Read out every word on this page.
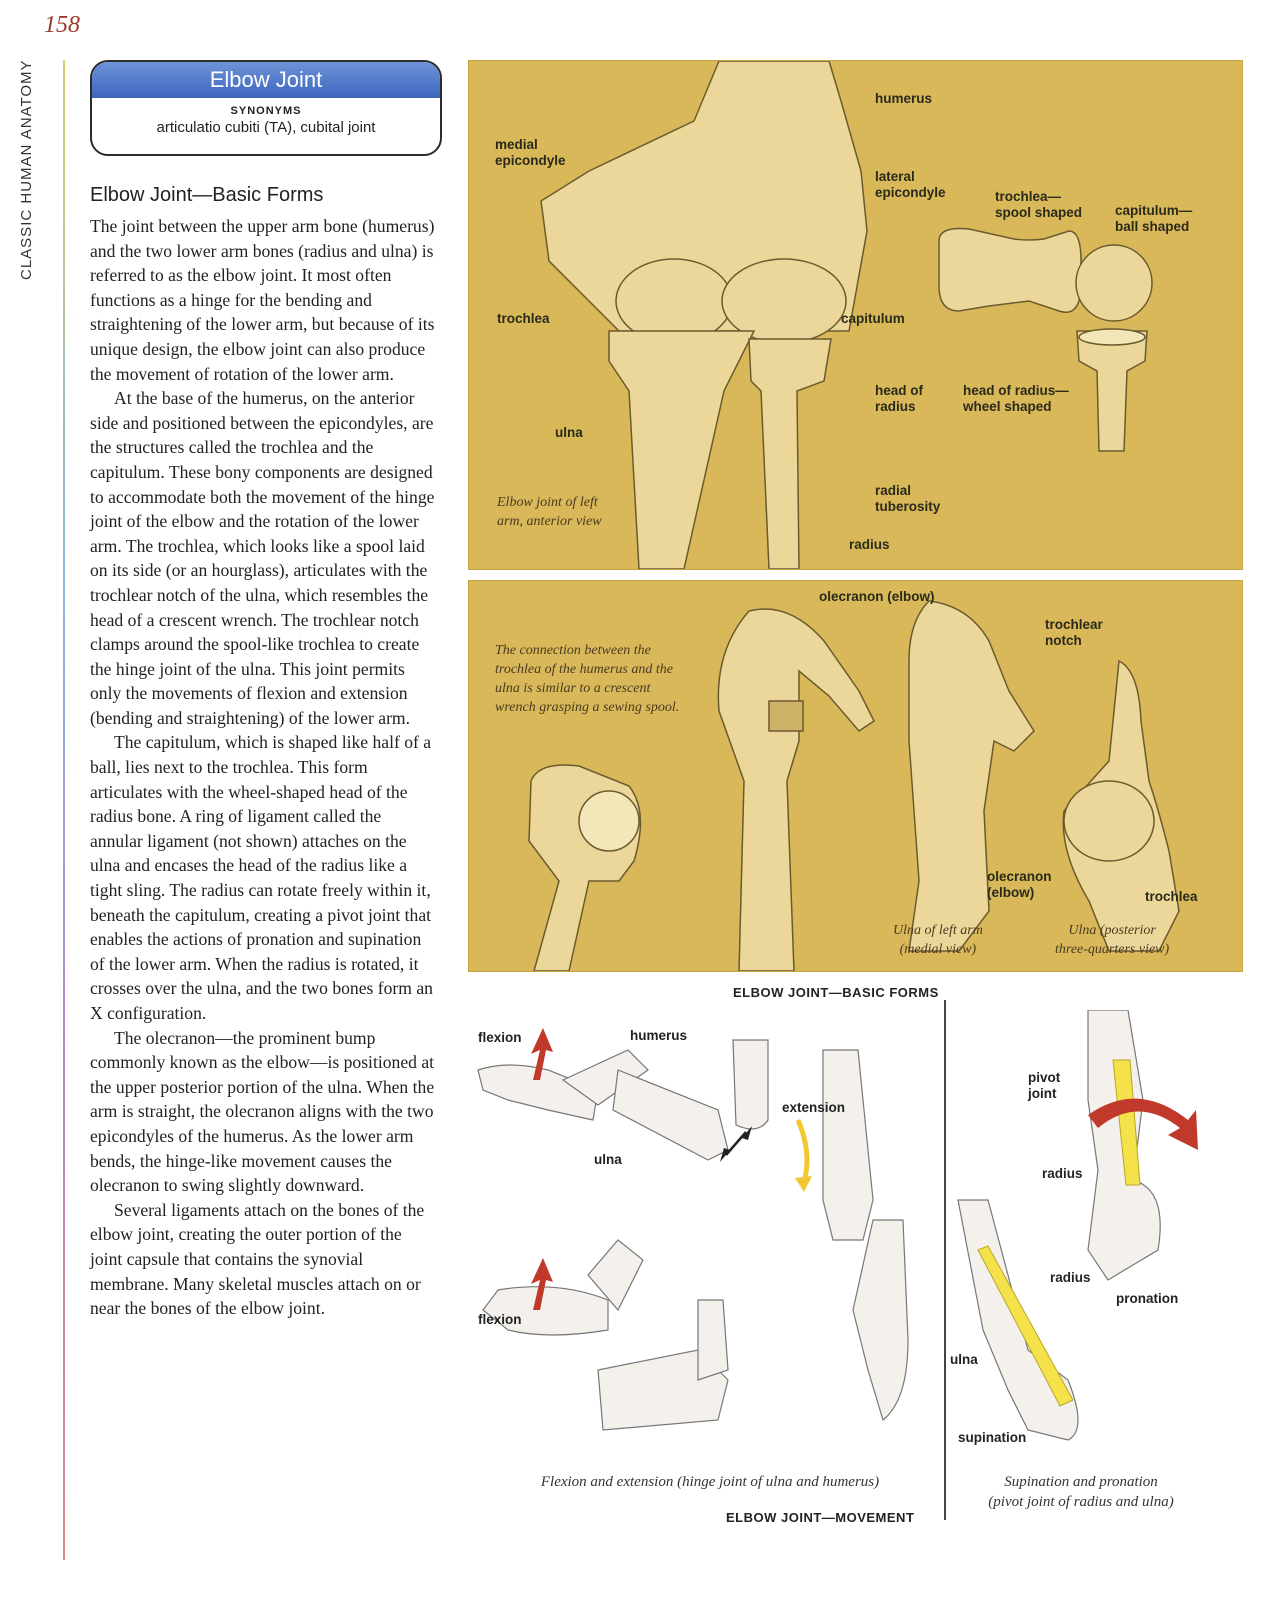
158
CLASSIC HUMAN ANATOMY	Elbow Joint
SYNONYMS
articulatio cubiti (TA), cubital joint
Elbow Joint—Basic Forms

The joint between the upper arm bone (humerus) and the two lower arm bones (radius and ulna) is referred to as the elbow joint. It most often functions as a hinge for the bending and straightening of the lower arm, but because of its unique design, the elbow joint can also produce the movement of rotation of the lower arm.

At the base of the humerus, on the anterior side and positioned between the epicondyles, are the structures called the trochlea and the capitulum. These bony components are designed to accommodate both the movement of the hinge joint of the elbow and the rotation of the lower arm. The trochlea, which looks like a spool laid on its side (or an hourglass), articulates with the trochlear notch of the ulna, which resembles the head of a crescent wrench. The trochlear notch clamps around the spool-like trochlea to create the hinge joint of the ulna. This joint permits only the movements of flexion and extension (bending and straightening) of the lower arm.

The capitulum, which is shaped like half of a ball, lies next to the trochlea. This form articulates with the wheel-shaped head of the radius bone. A ring of ligament called the annular ligament (not shown) attaches on the ulna and encases the head of the radius like a tight sling. The radius can rotate freely within it, beneath the capitulum, creating a pivot joint that enables the actions of pronation and supination of the lower arm. When the radius is rotated, it crosses over the ulna, and the two bones form an X configuration.

The olecranon—the prominent bump commonly known as the elbow—is positioned at the upper posterior portion of the ulna. When the arm is straight, the olecranon aligns with the two epicondyles of the humerus. As the lower arm bends, the hinge-like movement causes the olecranon to swing slightly downward.

Several ligaments attach on the bones of the elbow joint, creating the outer portion of the joint capsule that contains the synovial membrane. Many skeletal muscles attach on or near the bones of the elbow joint.

humerus
medial
epicondyle
lateral
epicondyle	trochlea—
spool shaped capitulum—
ball shaped
trochlea	capitulum
head of
radius
head of radius—
wheel shaped
ulna
radial
tuberosity
radius
Elbow joint of left
arm, anterior view
olecranon (elbow)
trochlear
notch
The connection between the trochlea of the humerus and the ulna is similar to a crescent wrench grasping a sewing spool.
olecranon
(elbow)	trochlea
Ulna of left arm
(medial view)
Ulna (posterior
three-quarters view)
ELBOW JOINT—BASIC FORMS
flexion	humerus
ulna
extension
flexion
pivot
joint
radius
radius
pronation
ulna
supination
Flexion and extension (hinge joint of ulna and humerus)	Supination and pronation
(pivot joint of radius and ulna)
ELBOW JOINT—MOVEMENT
